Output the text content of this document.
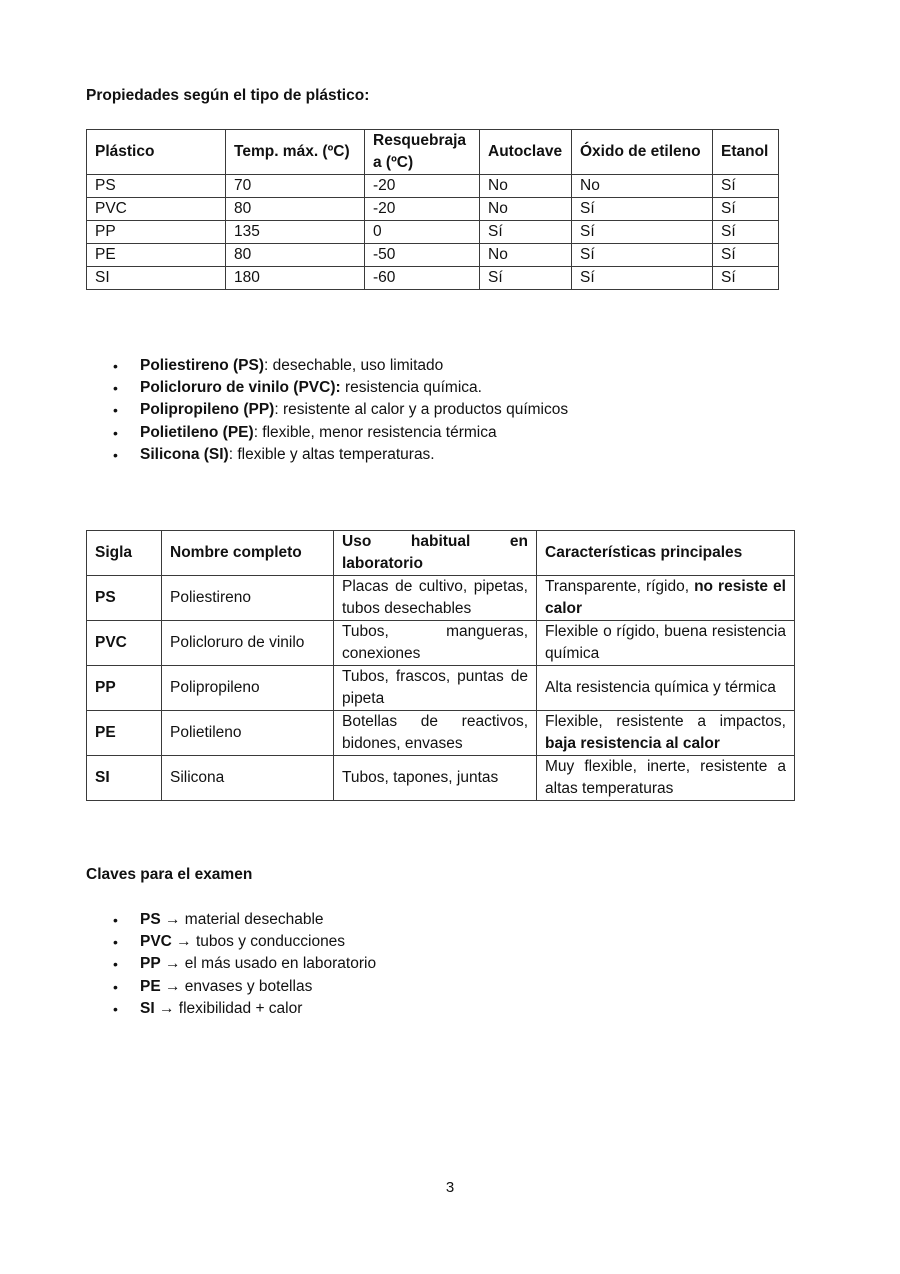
Propiedades según el tipo de plástico:
Plástico	Temp. máx. (ºC)	Resquebraja a (ºC)	Autoclave	Óxido de etileno	Etanol
PS	70	-20	No	No	Sí
PVC	80	-20	No	Sí	Sí
PP	135	0	Sí	Sí	Sí
PE	80	-50	No	Sí	Sí
SI	180	-60	Sí	Sí	Sí
• Poliestireno (PS): desechable, uso limitado
• Policloruro de vinilo (PVC): resistencia química.
• Polipropileno (PP): resistente al calor y a productos químicos
• Polietileno (PE): flexible, menor resistencia térmica
• Silicona (SI): flexible y altas temperaturas.
Sigla	Nombre completo	Uso habitual en laboratorio	Características principales
PS	Poliestireno	Placas de cultivo, pipetas, tubos desechables	Transparente, rígido, no resiste el calor
PVC	Policloruro de vinilo	Tubos, mangueras, conexiones	Flexible o rígido, buena resistencia química
PP	Polipropileno	Tubos, frascos, puntas de pipeta	Alta resistencia química y térmica
PE	Polietileno	Botellas de reactivos, bidones, envases	Flexible, resistente a impactos, baja resistencia al calor
SI	Silicona	Tubos, tapones, juntas	Muy flexible, inerte, resistente a altas temperaturas
Claves para el examen
• PS → material desechable
• PVC → tubos y conducciones
• PP → el más usado en laboratorio
• PE → envases y botellas
• SI → flexibilidad + calor
3
